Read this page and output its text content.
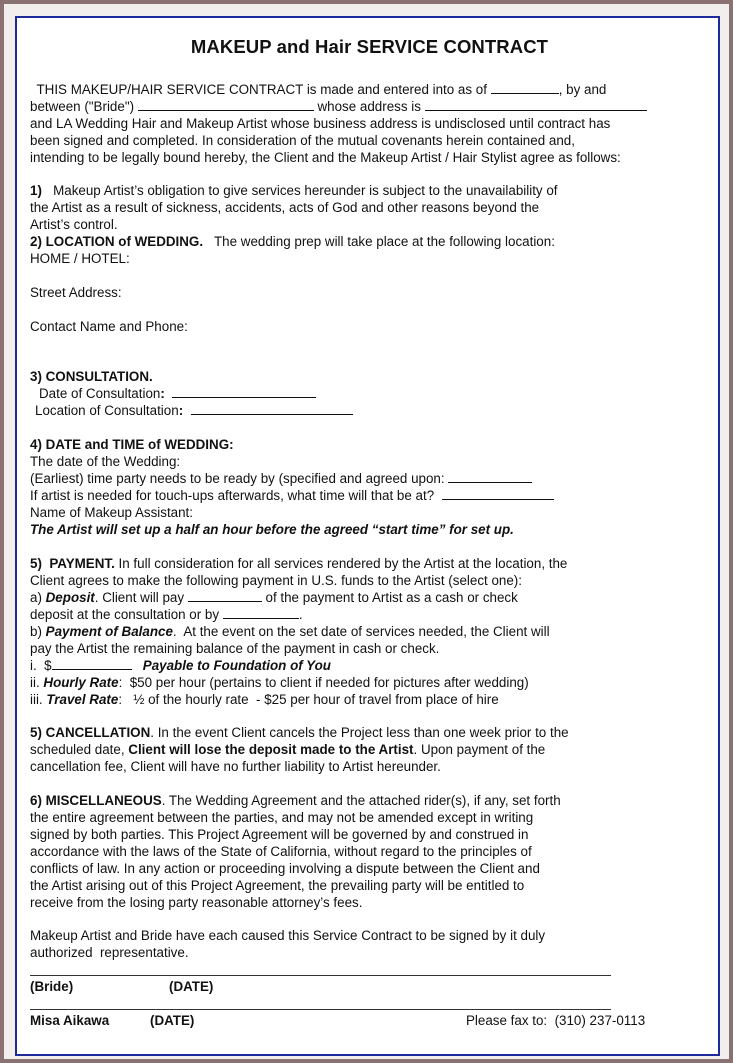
MAKEUP and Hair SERVICE CONTRACT
THIS MAKEUP/HAIR SERVICE CONTRACT is made and entered into as of	, by and
between ("Bride")	whose address is
and LA Wedding Hair and Makeup Artist whose business address is undisclosed until contract has
been signed and completed. In consideration of the mutual covenants herein contained and,
intending to be legally bound hereby, the Client and the Makeup Artist / Hair Stylist agree as follows:
1) Makeup Artist’s obligation to give services hereunder is subject to the unavailability of
the Artist as a result of sickness, accidents, acts of God and other reasons beyond the
Artist’s control.
2) LOCATION of WEDDING.   The wedding prep will take place at the following location:
HOME / HOTEL:
Street Address:
Contact Name and Phone:
3) CONSULTATION.
Date of Consultation:
Location of Consultation:
4) DATE and TIME of WEDDING:
The date of the Wedding:
(Earliest) time party needs to be ready by (specified and agreed upon:
If artist is needed for touch-ups afterwards, what time will that be at?
Name of Makeup Assistant:
The Artist will set up a half an hour before the agreed “start time” for set up.
5)  PAYMENT. In full consideration for all services rendered by the Artist at the location, the
Client agrees to make the following payment in U.S. funds to the Artist (select one):
a) Deposit. Client will pay	of the payment to Artist as a cash or check
deposit at the consultation or by	.
b) Payment of Balance.  At the event on the set date of services needed, the Client will
pay the Artist the remaining balance of the payment in cash or check.
i.  $	Payable to Foundation of You
ii. Hourly Rate:  $50 per hour (pertains to client if needed for pictures after wedding)
iii. Travel Rate:   ½ of the hourly rate  - $25 per hour of travel from place of hire
5) CANCELLATION. In the event Client cancels the Project less than one week prior to the
scheduled date, Client will lose the deposit made to the Artist. Upon payment of the
cancellation fee, Client will have no further liability to Artist hereunder.
6) MISCELLANEOUS. The Wedding Agreement and the attached rider(s), if any, set forth
the entire agreement between the parties, and may not be amended except in writing
signed by both parties. This Project Agreement will be governed by and construed in
accordance with the laws of the State of California, without regard to the principles of
conflicts of law. In any action or proceeding involving a dispute between the Client and
the Artist arising out of this Project Agreement, the prevailing party will be entitled to
receive from the losing party reasonable attorney’s fees.
Makeup Artist and Bride have each caused this Service Contract to be signed by it duly
authorized  representative.
(Bride)	(DATE)
Misa Aikawa	(DATE)	Please fax to:  (310) 237-0113
